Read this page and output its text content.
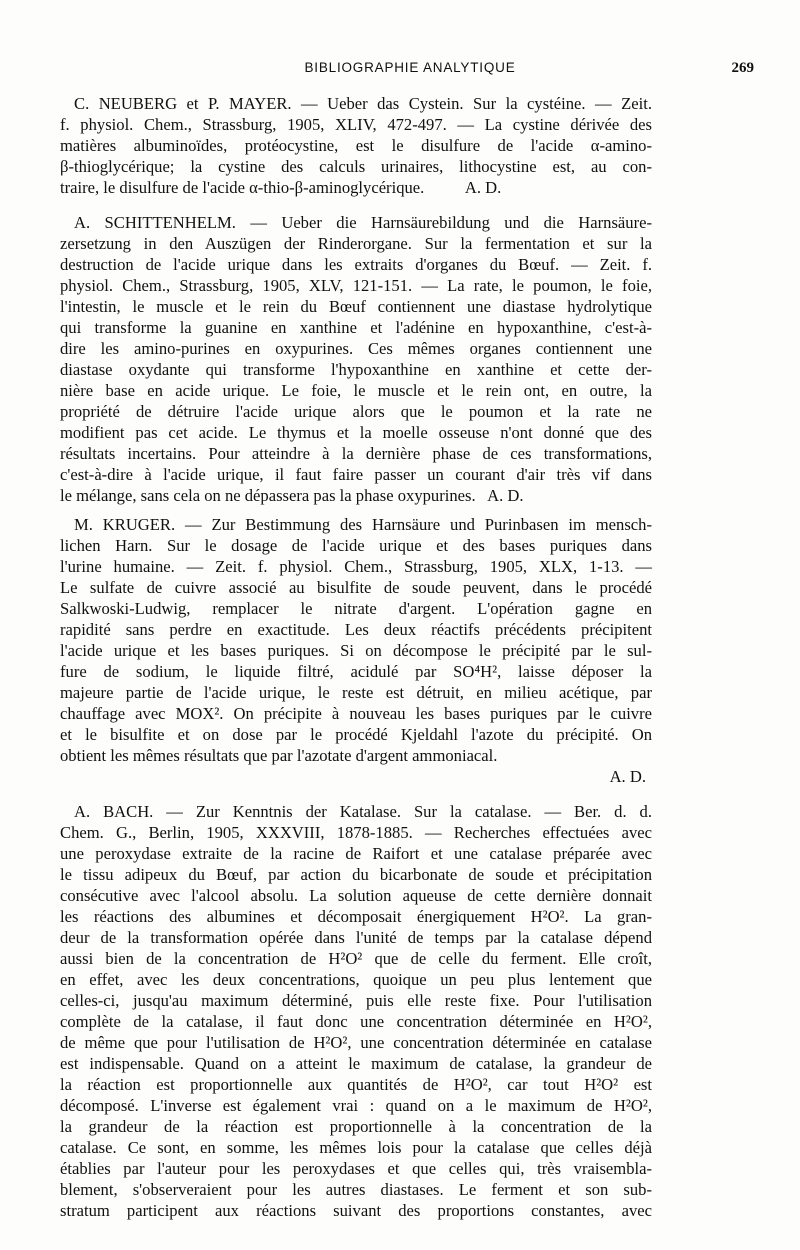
BIBLIOGRAPHIE ANALYTIQUE	269
C. NEUBERG et P. MAYER. — Ueber das Cystein. Sur la cystéine. — Zeit.
f. physiol. Chem., Strassburg, 1905, XLIV, 472-497. — La cystine dérivée des
matières albuminoïdes, protéocystine, est le disulfure de l'acide α-amino-
β-thioglycérique; la cystine des calculs urinaires, lithocystine est, au con-
traire, le disulfure de l'acide α-thio-β-aminoglycérique.          A. D.
A. SCHITTENHELM. — Ueber die Harnsäurebildung und die Harnsäure-
zersetzung in den Auszügen der Rinderorgane. Sur la fermentation et sur la
destruction de l'acide urique dans les extraits d'organes du Bœuf. — Zeit. f.
physiol. Chem., Strassburg, 1905, XLV, 121-151. — La rate, le poumon, le foie,
l'intestin, le muscle et le rein du Bœuf contiennent une diastase hydrolytique
qui transforme la guanine en xanthine et l'adénine en hypoxanthine, c'est-à-
dire les amino-purines en oxypurines. Ces mêmes organes contiennent une
diastase oxydante qui transforme l'hypoxanthine en xanthine et cette der-
nière base en acide urique. Le foie, le muscle et le rein ont, en outre, la
propriété de détruire l'acide urique alors que le poumon et la rate ne
modifient pas cet acide. Le thymus et la moelle osseuse n'ont donné que des
résultats incertains. Pour atteindre à la dernière phase de ces transformations,
c'est-à-dire à l'acide urique, il faut faire passer un courant d'air très vif dans
le mélange, sans cela on ne dépassera pas la phase oxypurines.   A. D.
M. KRUGER. — Zur Bestimmung des Harnsäure und Purinbasen im mensch-
lichen Harn. Sur le dosage de l'acide urique et des bases puriques dans
l'urine humaine. — Zeit. f. physiol. Chem., Strassburg, 1905, XLX, 1-13. —
Le sulfate de cuivre associé au bisulfite de soude peuvent, dans le procédé
Salkwoski-Ludwig, remplacer le nitrate d'argent. L'opération gagne en
rapidité sans perdre en exactitude. Les deux réactifs précédents précipitent
l'acide urique et les bases puriques. Si on décompose le précipité par le sul-
fure de sodium, le liquide filtré, acidulé par SO⁴H², laisse déposer la
majeure partie de l'acide urique, le reste est détruit, en milieu acétique, par
chauffage avec MOX². On précipite à nouveau les bases puriques par le cuivre
et le bisulfite et on dose par le procédé Kjeldahl l'azote du précipité. On
obtient les mêmes résultats que par l'azotate d'argent ammoniacal.
A. D.
A. BACH. — Zur Kenntnis der Katalase. Sur la catalase. — Ber. d. d.
Chem. G., Berlin, 1905, XXXVIII, 1878-1885. — Recherches effectuées avec
une peroxydase extraite de la racine de Raifort et une catalase préparée avec
le tissu adipeux du Bœuf, par action du bicarbonate de soude et précipitation
consécutive avec l'alcool absolu. La solution aqueuse de cette dernière donnait
les réactions des albumines et décomposait énergiquement H²O². La gran-
deur de la transformation opérée dans l'unité de temps par la catalase dépend
aussi bien de la concentration de H²O² que de celle du ferment. Elle croît,
en effet, avec les deux concentrations, quoique un peu plus lentement que
celles-ci, jusqu'au maximum déterminé, puis elle reste fixe. Pour l'utilisation
complète de la catalase, il faut donc une concentration déterminée en H²O²,
de même que pour l'utilisation de H²O², une concentration déterminée en catalase
est indispensable. Quand on a atteint le maximum de catalase, la grandeur de
la réaction est proportionnelle aux quantités de H²O², car tout H²O² est
décomposé. L'inverse est également vrai : quand on a le maximum de H²O²,
la grandeur de la réaction est proportionnelle à la concentration de la
catalase. Ce sont, en somme, les mêmes lois pour la catalase que celles déjà
établies par l'auteur pour les peroxydases et que celles qui, très vraisembla-
blement, s'observeraient pour les autres diastases. Le ferment et son sub-
stratum participent aux réactions suivant des proportions constantes, avec
